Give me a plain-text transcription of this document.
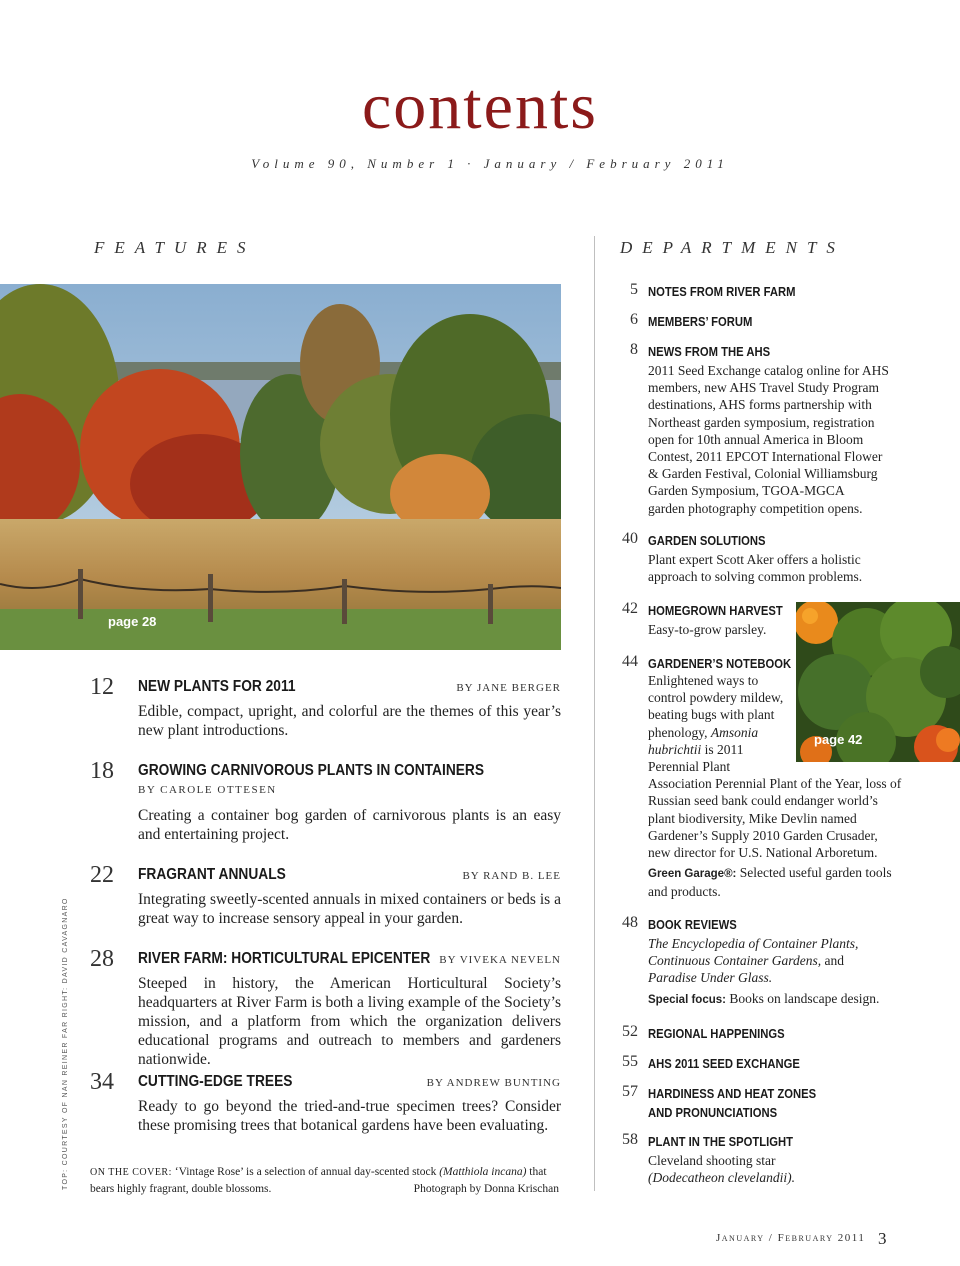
contents
Volume 90, Number 1 · January / February 2011
FEATURES	DEPARTMENTS
page 28
12 NEW PLANTS FOR 2011	BY JANE BERGER
Edible, compact, upright, and colorful are the themes of this year’s new plant introductions.
18 GROWING CARNIVOROUS PLANTS IN CONTAINERS
BY CAROLE OTTESEN
Creating a container bog garden of carnivorous plants is an easy and entertaining project.
22 FRAGRANT ANNUALS	BY RAND B. LEE
Integrating sweetly-scented annuals in mixed containers or beds is a great way to increase sensory appeal in your garden.
28 RIVER FARM: HORTICULTURAL EPICENTER BY VIVEKA NEVELN
Steeped in history, the American Horticultural Society’s headquarters at River Farm is both a living example of the Society’s mission, and a platform from which the organization delivers educational programs and outreach to members and gardeners nationwide.
34 CUTTING-EDGE TREES	BY ANDREW BUNTING
Ready to go beyond the tried-and-true specimen trees? Consider these promising trees that botanical gardens have been evaluating.
ON THE COVER: ‘Vintage Rose’ is a selection of annual day-scented stock (Matthiola incana) that bears highly fragrant, double blossoms.	Photograph by Donna Krischan
TOP: COURTESY OF NAN REINER FAR RIGHT: DAVID CAVAGNARO
5 NOTES FROM RIVER FARM
6 MEMBERS’ FORUM
8 NEWS FROM THE AHS
2011 Seed Exchange catalog online for AHS
members, new AHS Travel Study Program
destinations, AHS forms partnership with
Northeast garden symposium, registration
open for 10th annual America in Bloom
Contest, 2011 EPCOT International Flower
& Garden Festival, Colonial Williamsburg
Garden Symposium, TGOA-MGCA
garden photography competition opens.
40 GARDEN SOLUTIONS
Plant expert Scott Aker offers a holistic
approach to solving common problems.
42 HOMEGROWN HARVEST
Easy-to-grow parsley.
44 GARDENER’S NOTEBOOK
Enlightened ways to
control powdery mildew,
beating bugs with plant
phenology, Amsonia
hubrichtii is 2011
Perennial Plant
Association Perennial Plant of the Year, loss of
Russian seed bank could endanger world’s
plant biodiversity, Mike Devlin named
Gardener’s Supply 2010 Garden Crusader,
new director for U.S. National Arboretum.
Green Garage®: Selected useful garden tools
and products.
48 BOOK REVIEWS
The Encyclopedia of Container Plants,
Continuous Container Gardens, and
Paradise Under Glass.
Special focus: Books on landscape design.
52 REGIONAL HAPPENINGS
55 AHS 2011 SEED EXCHANGE
57 HARDINESS AND HEAT ZONES
AND PRONUNCIATIONS
58 PLANT IN THE SPOTLIGHT
Cleveland shooting star
(Dodecatheon clevelandii).
page 42
January / February 2011 3
